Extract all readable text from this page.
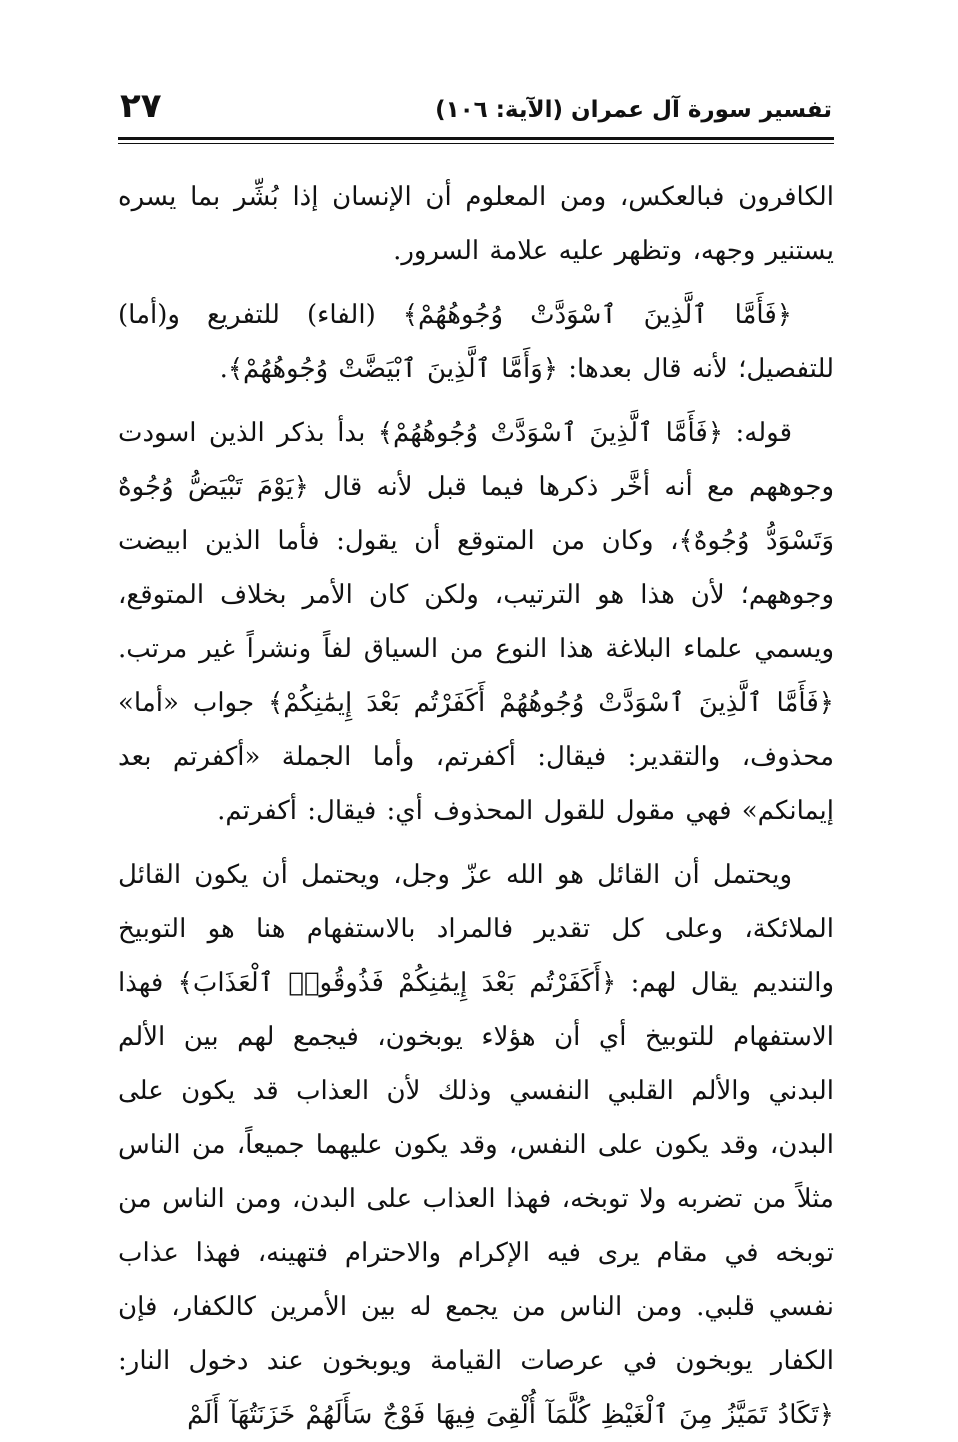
٢٧	تفسير سورة آل عمران (الآية: ١٠٦)

الكافرون فبالعكس، ومن المعلوم أن الإنسان إذا بُشِّر بما يسره يستنير وجهه، وتظهر عليه علامة السرور.

﴿فَأَمَّا ٱلَّذِينَ ٱسْوَدَّتْ وُجُوهُهُمْ﴾ (الفاء) للتفريع و(أما) للتفصيل؛ لأنه قال بعدها: ﴿وَأَمَّا ٱلَّذِينَ ٱبْيَضَّتْ وُجُوهُهُمْ﴾.

قوله: ﴿فَأَمَّا ٱلَّذِينَ ٱسْوَدَّتْ وُجُوهُهُمْ﴾ بدأ بذكر الذين اسودت وجوههم مع أنه أخَّر ذكرها فيما قبل لأنه قال ﴿يَوْمَ تَبْيَضُّ وُجُوهٌ وَتَسْوَدُّ وُجُوهٌ﴾، وكان من المتوقع أن يقول: فأما الذين ابيضت وجوههم؛ لأن هذا هو الترتيب، ولكن كان الأمر بخلاف المتوقع، ويسمي علماء البلاغة هذا النوع من السياق لفاً ونشراً غير مرتب. ﴿فَأَمَّا ٱلَّذِينَ ٱسْوَدَّتْ وُجُوهُهُمْ أَكَفَرْتُم بَعْدَ إِيمَٰنِكُمْ﴾ جواب «أما» محذوف، والتقدير: فيقال: أكفرتم، وأما الجملة «أكفرتم بعد إيمانكم» فهي مقول للقول المحذوف أي: فيقال: أكفرتم.

ويحتمل أن القائل هو الله عزّ وجل، ويحتمل أن يكون القائل الملائكة، وعلى كل تقدير فالمراد بالاستفهام هنا هو التوبيخ والتنديم يقال لهم: ﴿أَكَفَرْتُم بَعْدَ إِيمَٰنِكُمْ فَذُوقُوا۟ ٱلْعَذَابَ﴾ فهذا الاستفهام للتوبيخ أي أن هؤلاء يوبخون، فيجمع لهم بين الألم البدني والألم القلبي النفسي وذلك لأن العذاب قد يكون على البدن، وقد يكون على النفس، وقد يكون عليهما جميعاً، من الناس مثلاً من تضربه ولا توبخه، فهذا العذاب على البدن، ومن الناس من توبخه في مقام يرى فيه الإكرام والاحترام فتهينه، فهذا عذاب نفسي قلبي. ومن الناس من يجمع له بين الأمرين كالكفار، فإن الكفار يوبخون في عرصات القيامة ويوبخون عند دخول النار: ﴿تَكَادُ تَمَيَّزُ مِنَ ٱلْغَيْظِ كُلَّمَآ أُلْقِىَ فِيهَا فَوْجٌ سَأَلَهُمْ خَزَنَتُهَآ أَلَمْ
